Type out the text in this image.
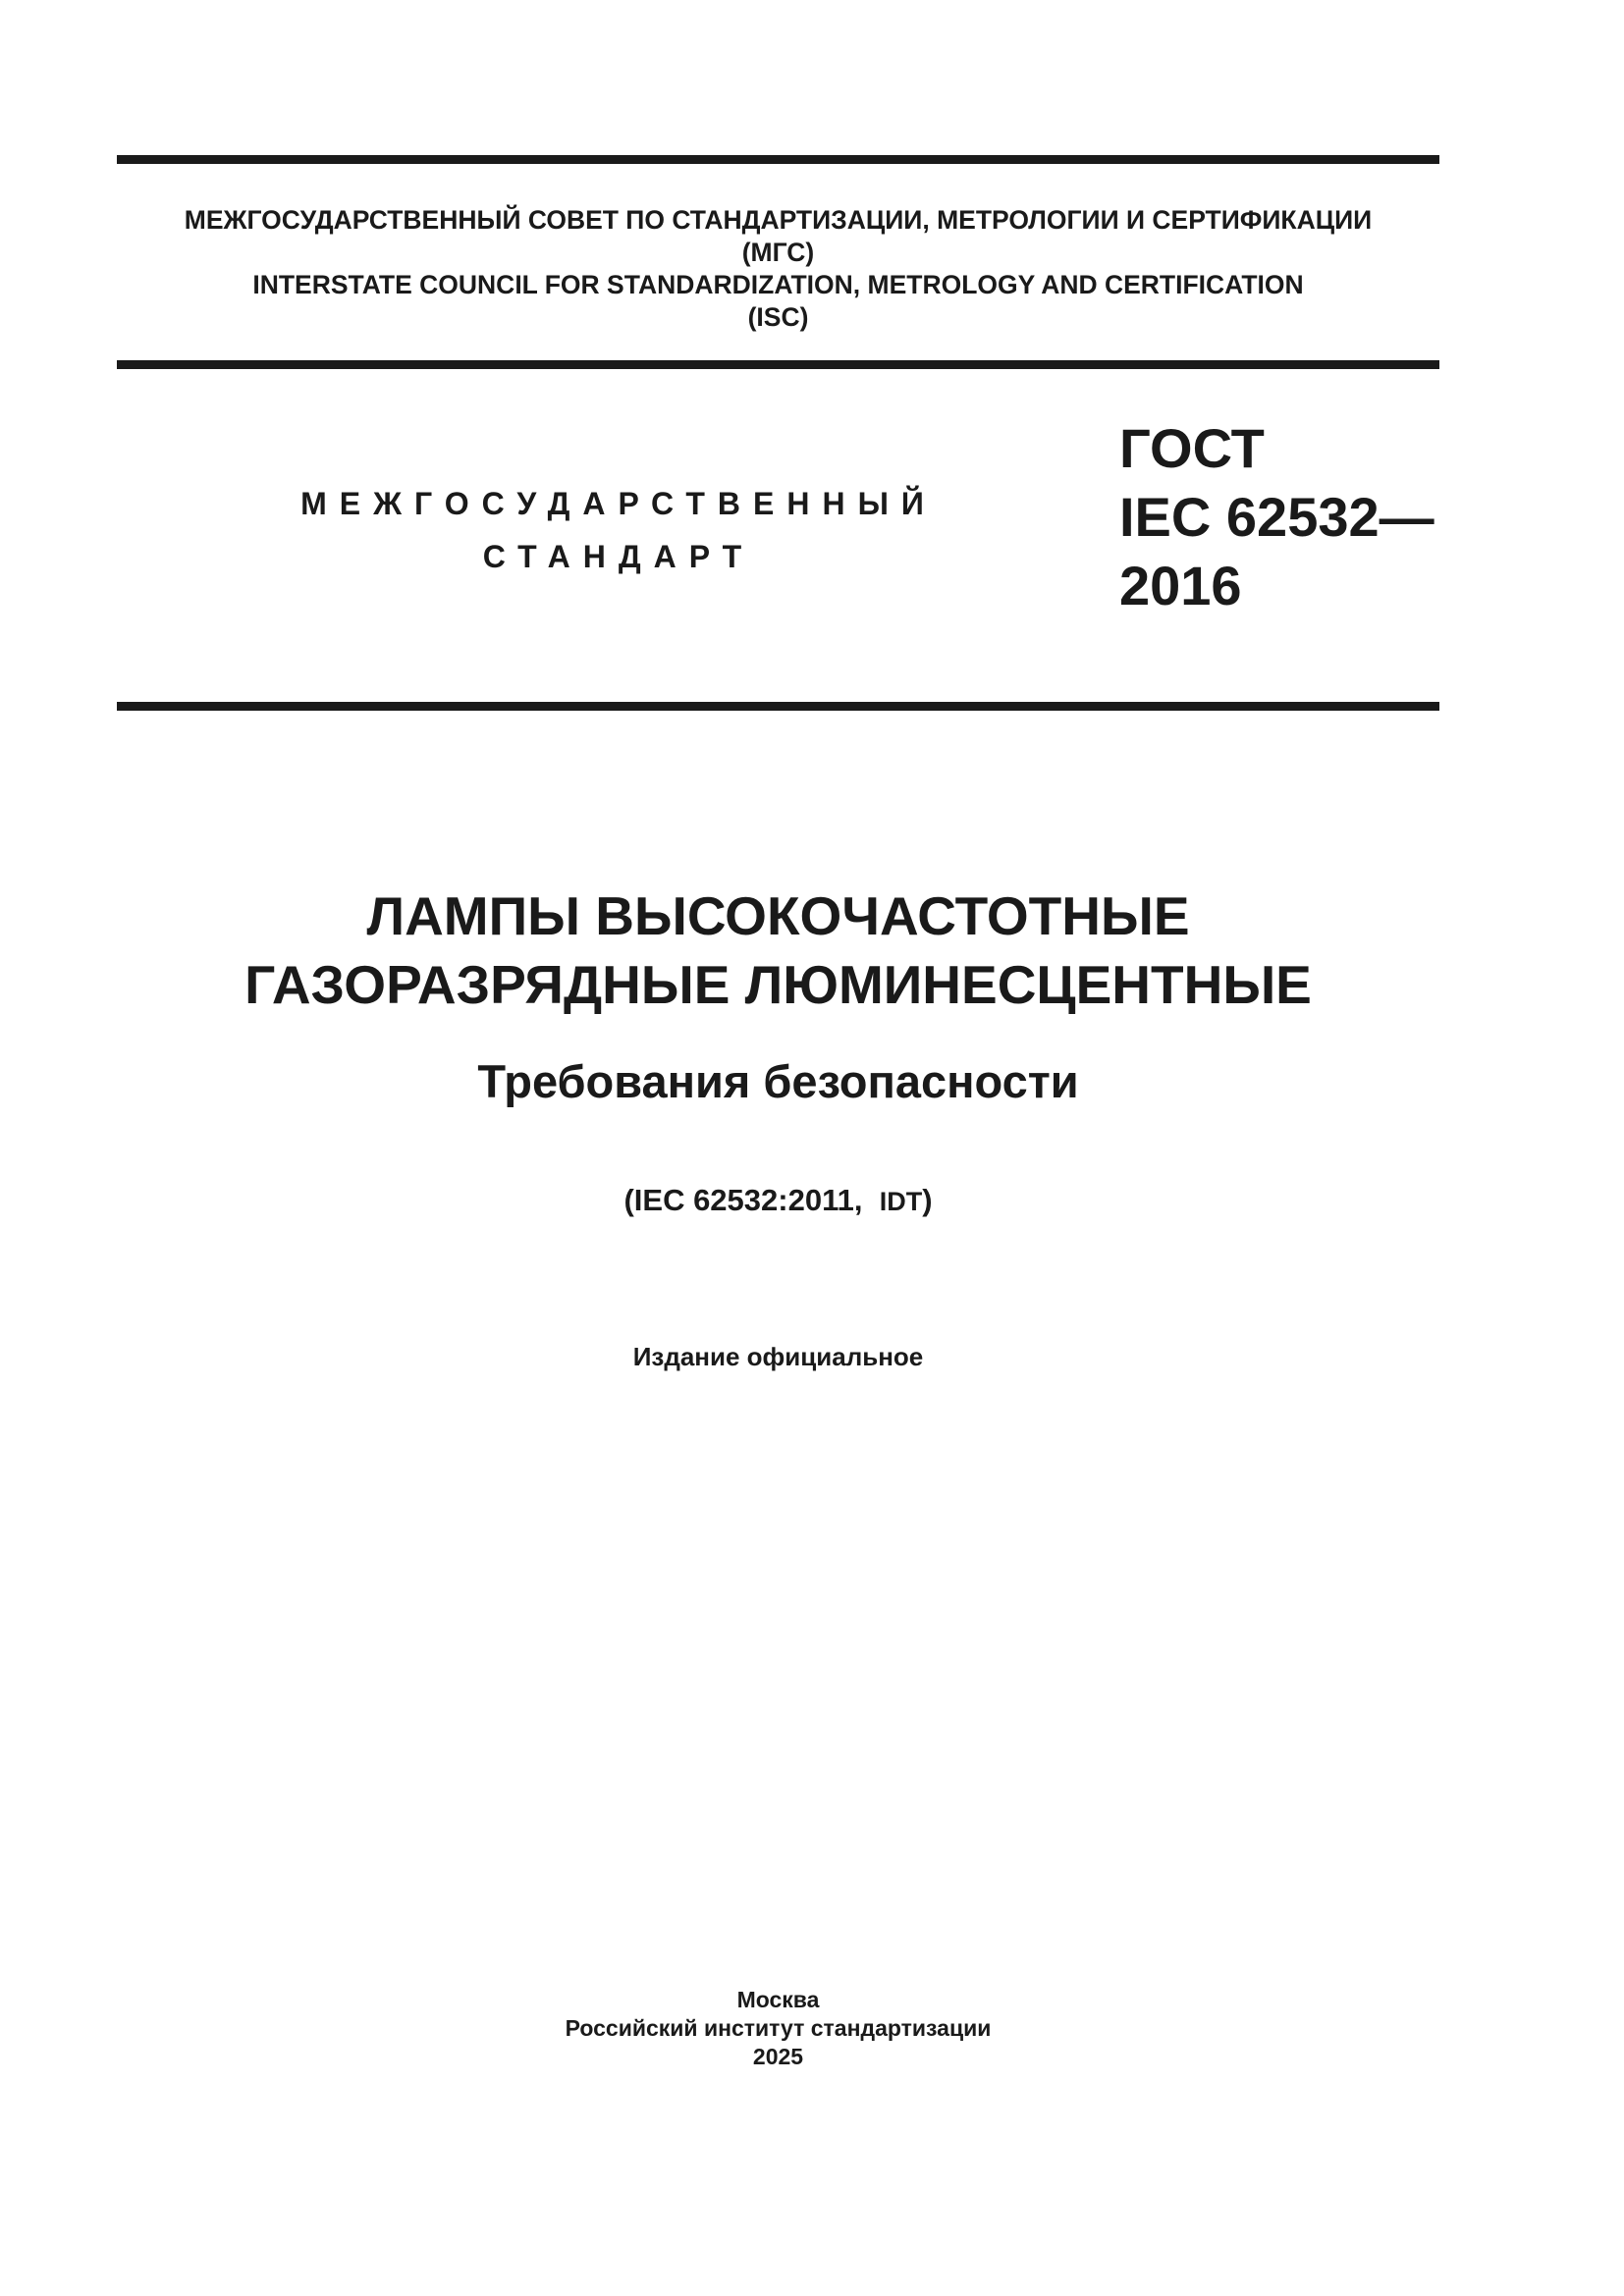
МЕЖГОСУДАРСТВЕННЫЙ СОВЕТ ПО СТАНДАРТИЗАЦИИ, МЕТРОЛОГИИ И СЕРТИФИКАЦИИ
(МГС)
INTERSTATE COUNCIL FOR STANDARDIZATION, METROLOGY AND CERTIFICATION
(ISC)
МЕЖГОСУДАРСТВЕННЫЙ
СТАНДАРТ
ГОСТ
IEC 62532—
2016
ЛАМПЫ ВЫСОКОЧАСТОТНЫЕ
ГАЗОРАЗРЯДНЫЕ ЛЮМИНЕСЦЕНТНЫЕ
Требования безопасности
(IEC 62532:2011, IDT)
Издание официальное
Москва
Российский институт стандартизации
2025
